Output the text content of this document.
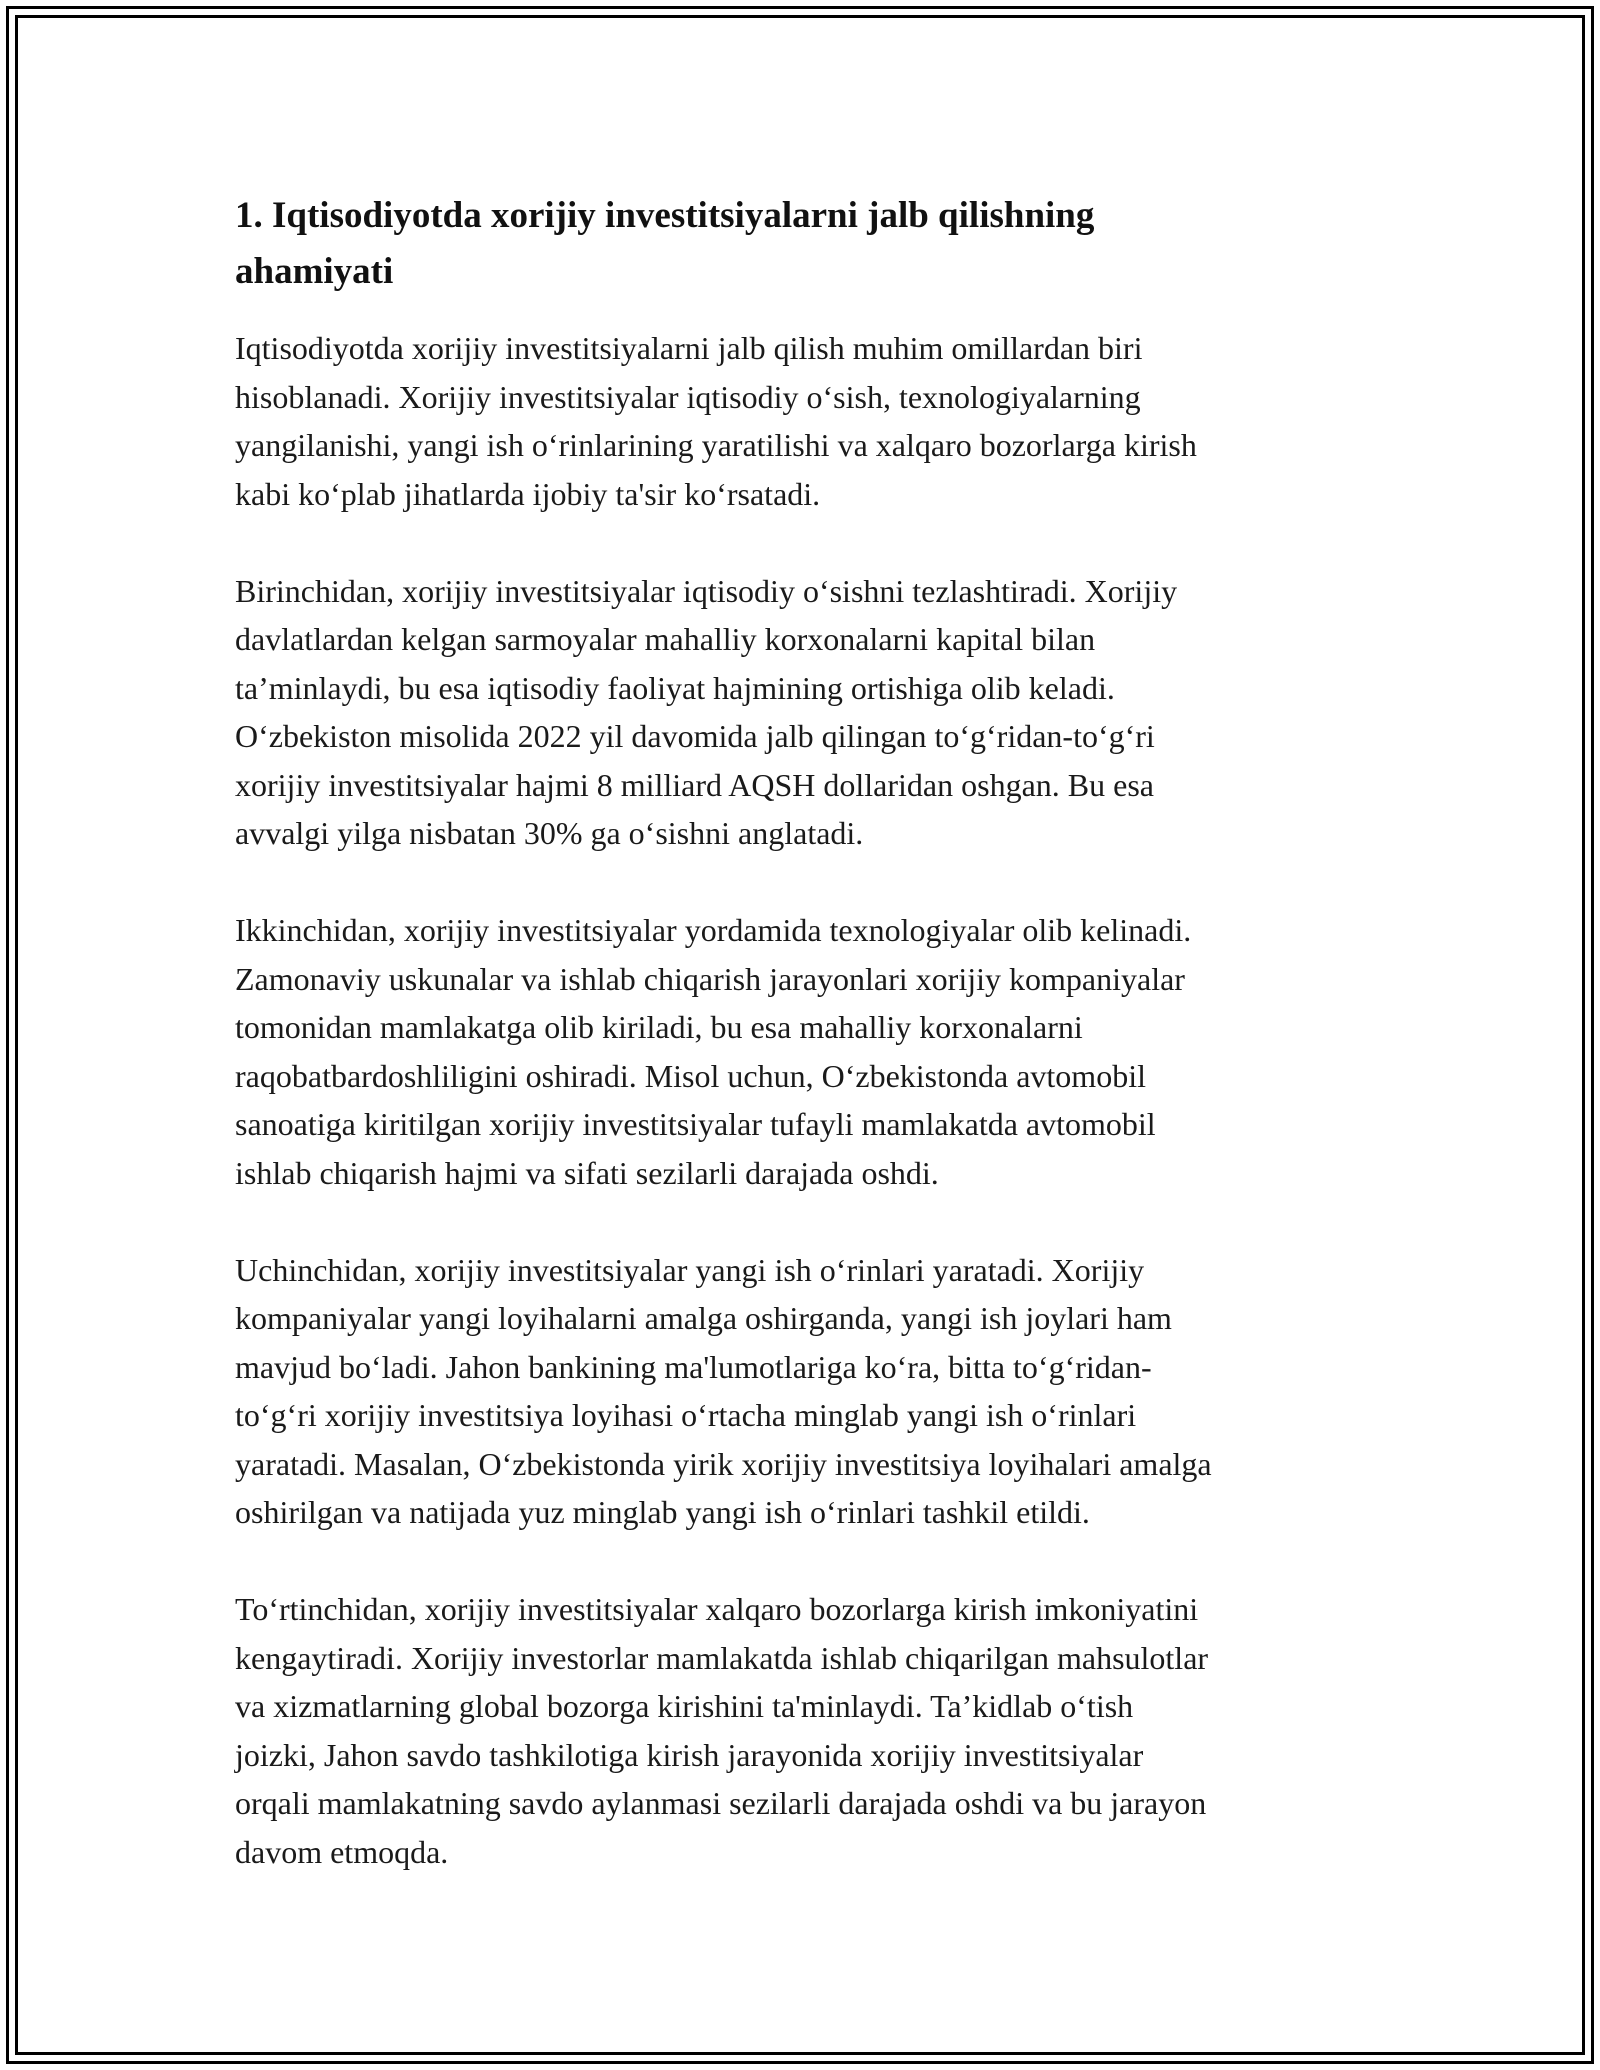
1. Iqtisodiyotda xorijiy investitsiyalarni jalb qilishning
ahamiyati

Iqtisodiyotda xorijiy investitsiyalarni jalb qilish muhim omillardan biri
hisoblanadi. Xorijiy investitsiyalar iqtisodiy o‘sish, texnologiyalarning
yangilanishi, yangi ish o‘rinlarining yaratilishi va xalqaro bozorlarga kirish
kabi ko‘plab jihatlarda ijobiy ta'sir ko‘rsatadi.

Birinchidan, xorijiy investitsiyalar iqtisodiy o‘sishni tezlashtiradi. Xorijiy
davlatlardan kelgan sarmoyalar mahalliy korxonalarni kapital bilan
ta’minlaydi, bu esa iqtisodiy faoliyat hajmining ortishiga olib keladi.
O‘zbekiston misolida 2022 yil davomida jalb qilingan to‘g‘ridan-to‘g‘ri
xorijiy investitsiyalar hajmi 8 milliard AQSH dollaridan oshgan. Bu esa
avvalgi yilga nisbatan 30% ga o‘sishni anglatadi.

Ikkinchidan, xorijiy investitsiyalar yordamida texnologiyalar olib kelinadi.
Zamonaviy uskunalar va ishlab chiqarish jarayonlari xorijiy kompaniyalar
tomonidan mamlakatga olib kiriladi, bu esa mahalliy korxonalarni
raqobatbardoshliligini oshiradi. Misol uchun, O‘zbekistonda avtomobil
sanoatiga kiritilgan xorijiy investitsiyalar tufayli mamlakatda avtomobil
ishlab chiqarish hajmi va sifati sezilarli darajada oshdi.

Uchinchidan, xorijiy investitsiyalar yangi ish o‘rinlari yaratadi. Xorijiy
kompaniyalar yangi loyihalarni amalga oshirganda, yangi ish joylari ham
mavjud bo‘ladi. Jahon bankining ma'lumotlariga ko‘ra, bitta to‘g‘ridan-
to‘g‘ri xorijiy investitsiya loyihasi o‘rtacha minglab yangi ish o‘rinlari
yaratadi. Masalan, O‘zbekistonda yirik xorijiy investitsiya loyihalari amalga
oshirilgan va natijada yuz minglab yangi ish o‘rinlari tashkil etildi.

To‘rtinchidan, xorijiy investitsiyalar xalqaro bozorlarga kirish imkoniyatini
kengaytiradi. Xorijiy investorlar mamlakatda ishlab chiqarilgan mahsulotlar
va xizmatlarning global bozorga kirishini ta'minlaydi. Ta’kidlab o‘tish
joizki, Jahon savdo tashkilotiga kirish jarayonida xorijiy investitsiyalar
orqali mamlakatning savdo aylanmasi sezilarli darajada oshdi va bu jarayon
davom etmoqda.
